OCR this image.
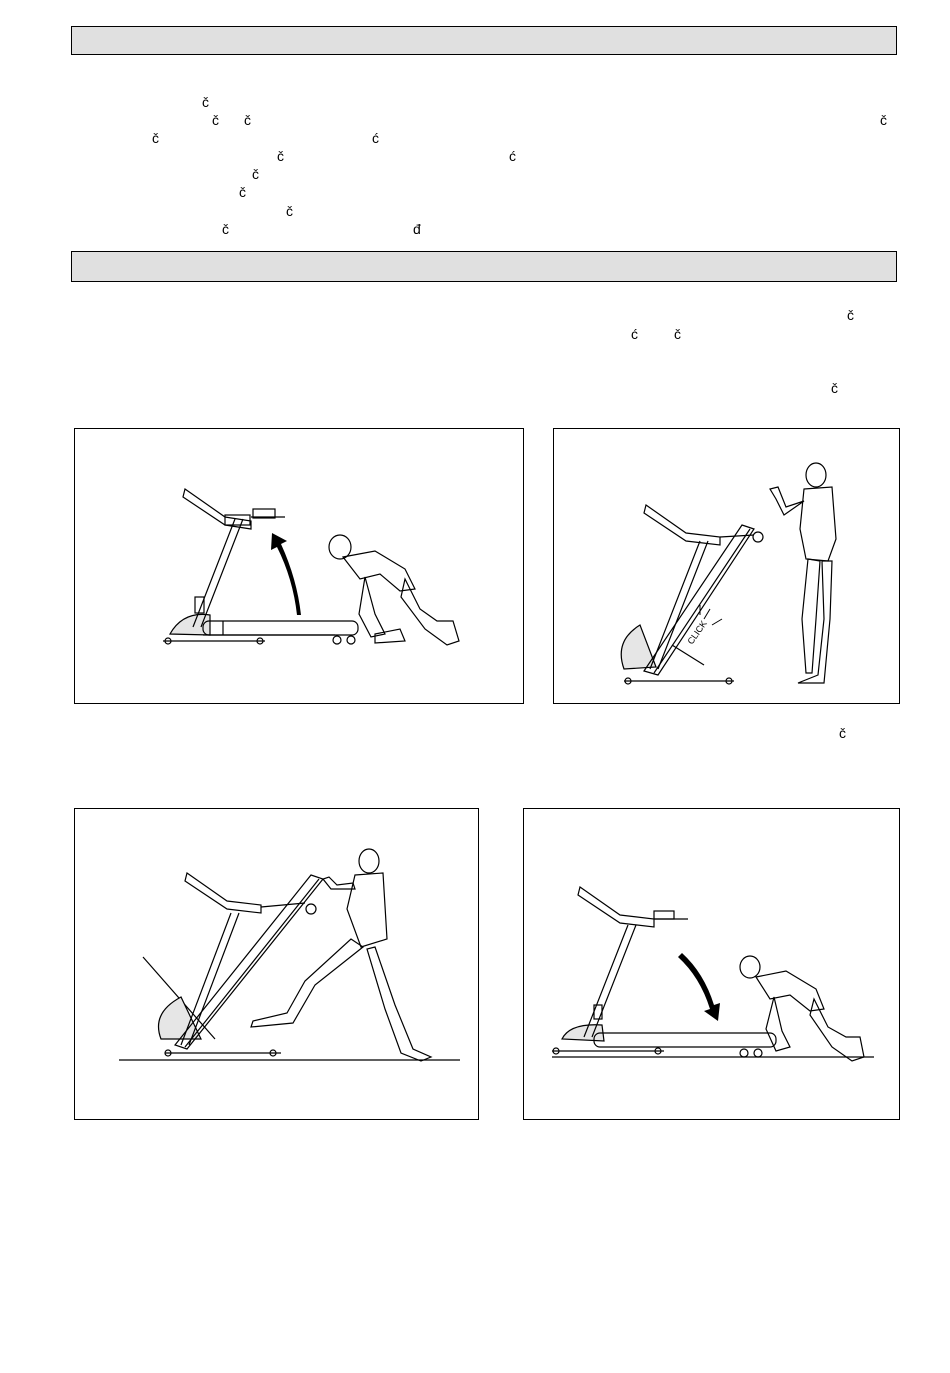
č
č č	č
č	ć
č	ć
č
č
č
č	đ
č
ć	č
č
CLICK
č
